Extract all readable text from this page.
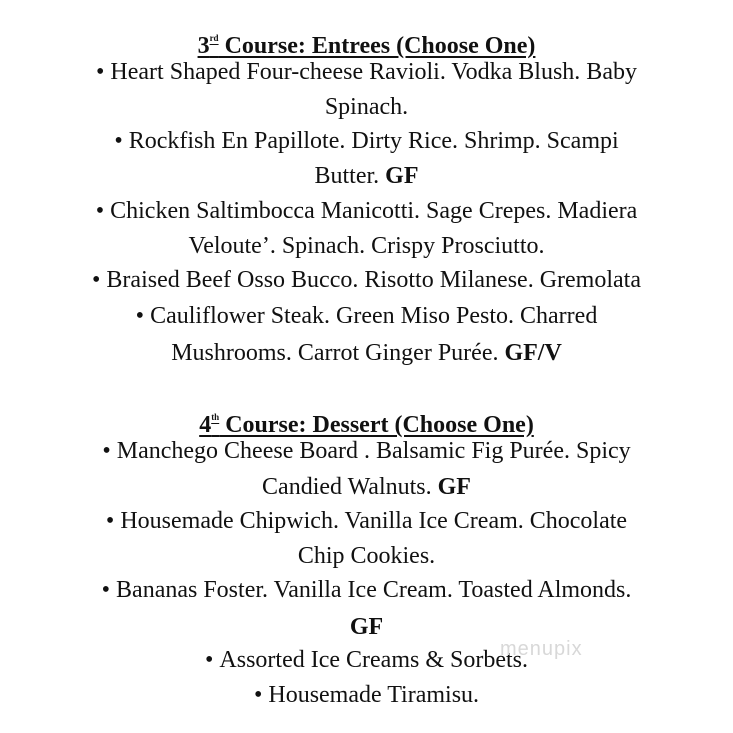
3rd Course: Entrees (Choose One)
• Heart Shaped Four-cheese Ravioli. Vodka Blush. Baby
Spinach.
• Rockfish En Papillote. Dirty Rice. Shrimp. Scampi
Butter. GF
• Chicken Saltimbocca Manicotti. Sage Crepes. Madiera
Veloute’. Spinach. Crispy Prosciutto.
• Braised Beef Osso Bucco. Risotto Milanese. Gremolata
• Cauliflower Steak. Green Miso Pesto. Charred
Mushrooms. Carrot Ginger Purée. GF/V
4th Course: Dessert (Choose One)
• Manchego Cheese Board . Balsamic Fig Purée. Spicy
Candied Walnuts. GF
• Housemade Chipwich. Vanilla Ice Cream. Chocolate
Chip Cookies.
• Bananas Foster. Vanilla Ice Cream. Toasted Almonds.
GF
• Assorted Ice Creams & Sorbets.
• Housemade Tiramisu.
menupix
